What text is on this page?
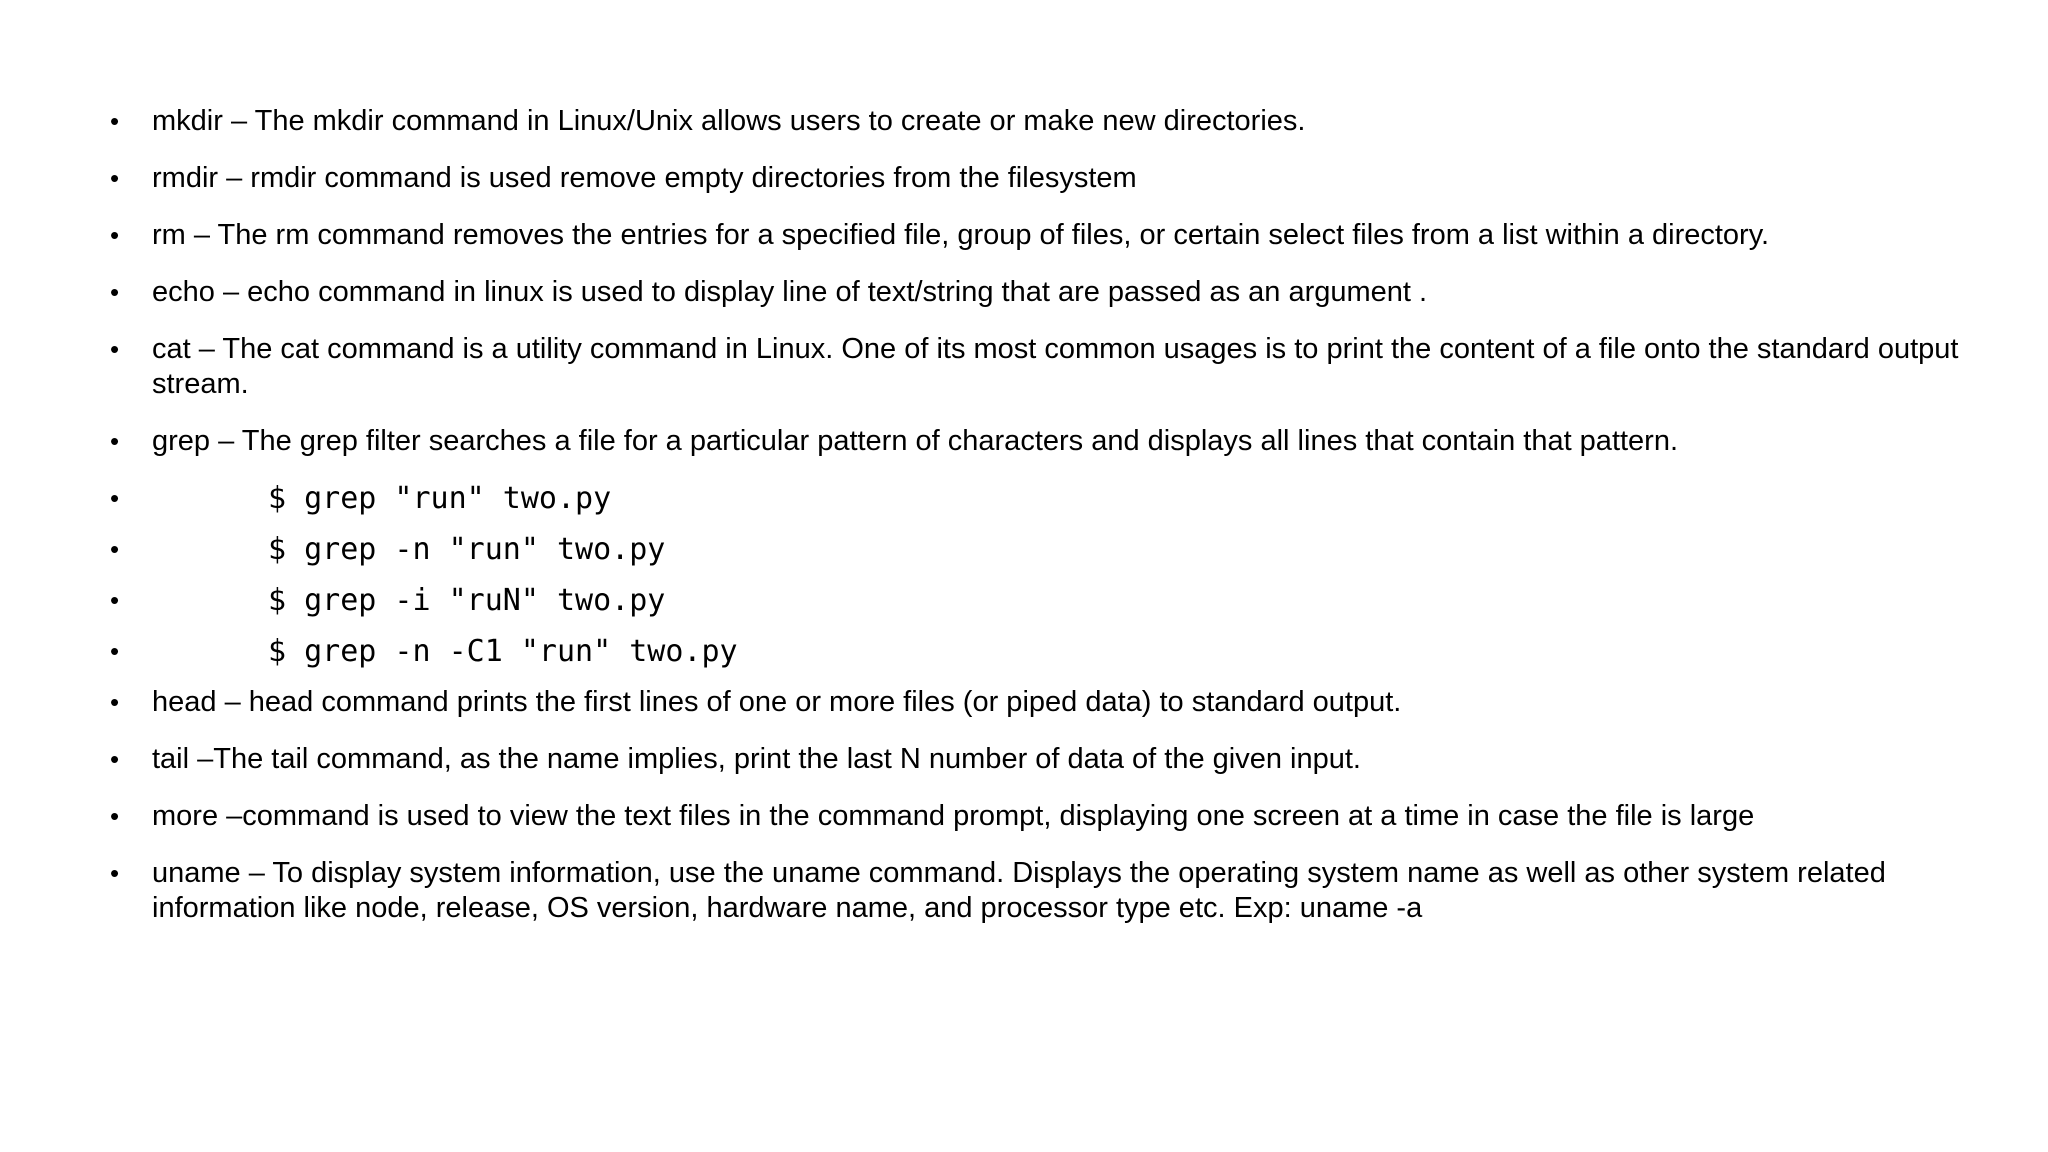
•	mkdir – The mkdir command in Linux/Unix allows users to create or make new directories.
•	rmdir – rmdir command is used remove empty directories from the filesystem
•	rm – The rm command removes the entries for a specified file, group of files, or certain select files from a list within a directory.
•	echo – echo command in linux is used to display line of text/string that are passed as an argument .
•	cat – The cat command is a utility command in Linux. One of its most common usages is to print the content of a file onto the standard output stream.
•	grep – The grep filter searches a file for a particular pattern of characters and displays all lines that contain that pattern.
•	$ grep "run" two.py
•	$ grep -n "run" two.py
•	$ grep -i "ruN" two.py
•	$ grep -n -C1 "run" two.py
•	head – head command prints the first lines of one or more files (or piped data) to standard output.
•	tail –The tail command, as the name implies, print the last N number of data of the given input.
•	more –command is used to view the text files in the command prompt, displaying one screen at a time in case the file is large
•	uname – To display system information, use the uname command. Displays the operating system name as well as other system related information like node, release, OS version, hardware name, and processor type etc. Exp: uname -a
